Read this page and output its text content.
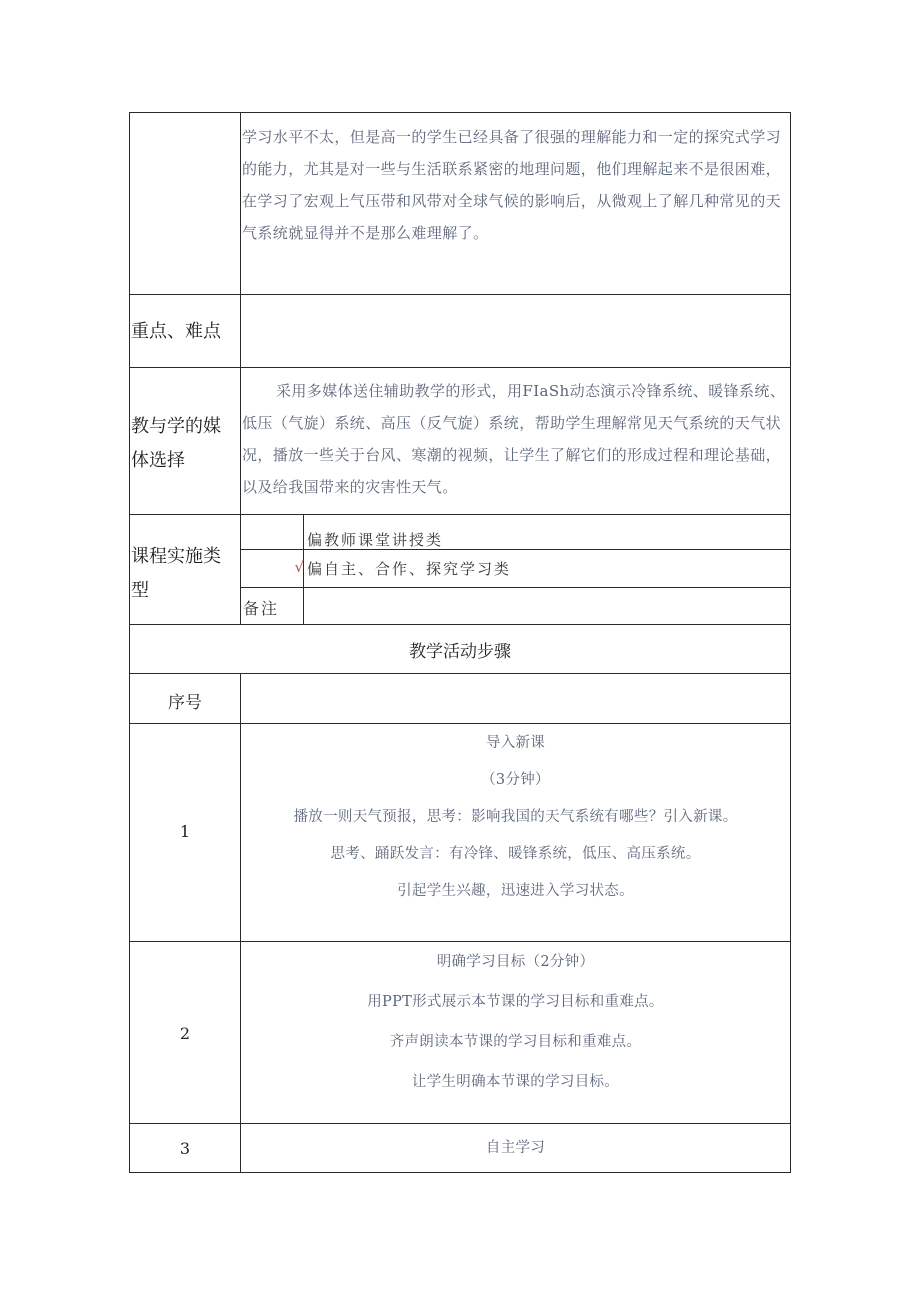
学习水平不太，但是高一的学生已经具备了很强的理解能力和一定的探究式学习的能力，尤其是对一些与生活联系紧密的地理问题，他们理解起来不是很困难，在学习了宏观上气压带和风带对全球气候的影响后，从微观上了解几种常见的天气系统就显得并不是那么难理解了。
重点、难点
教与学的媒体选择
采用多媒体送住辅助教学的形式，用FIaSh动态演示冷锋系统、暖锋系统、低压（气旋）系统、高压（反气旋）系统，帮助学生理解常见天气系统的天气状况，播放一些关于台风、寒潮的视频，让学生了解它们的形成过程和理论基础，以及给我国带来的灾害性天气。
课程实施类型
偏教师课堂讲授类
√ 偏自主、合作、探究学习类
备注
教学活动步骤
序号
1
导入新课
（3分钟）
播放一则天气预报，思考：影响我国的天气系统有哪些？引入新课。
思考、踊跃发言：有冷锋、暖锋系统，低压、高压系统。
引起学生兴趣，迅速进入学习状态。
2
明确学习目标（2分钟）
用PPT形式展示本节课的学习目标和重难点。
齐声朗读本节课的学习目标和重难点。
让学生明确本节课的学习目标。
3	自主学习
